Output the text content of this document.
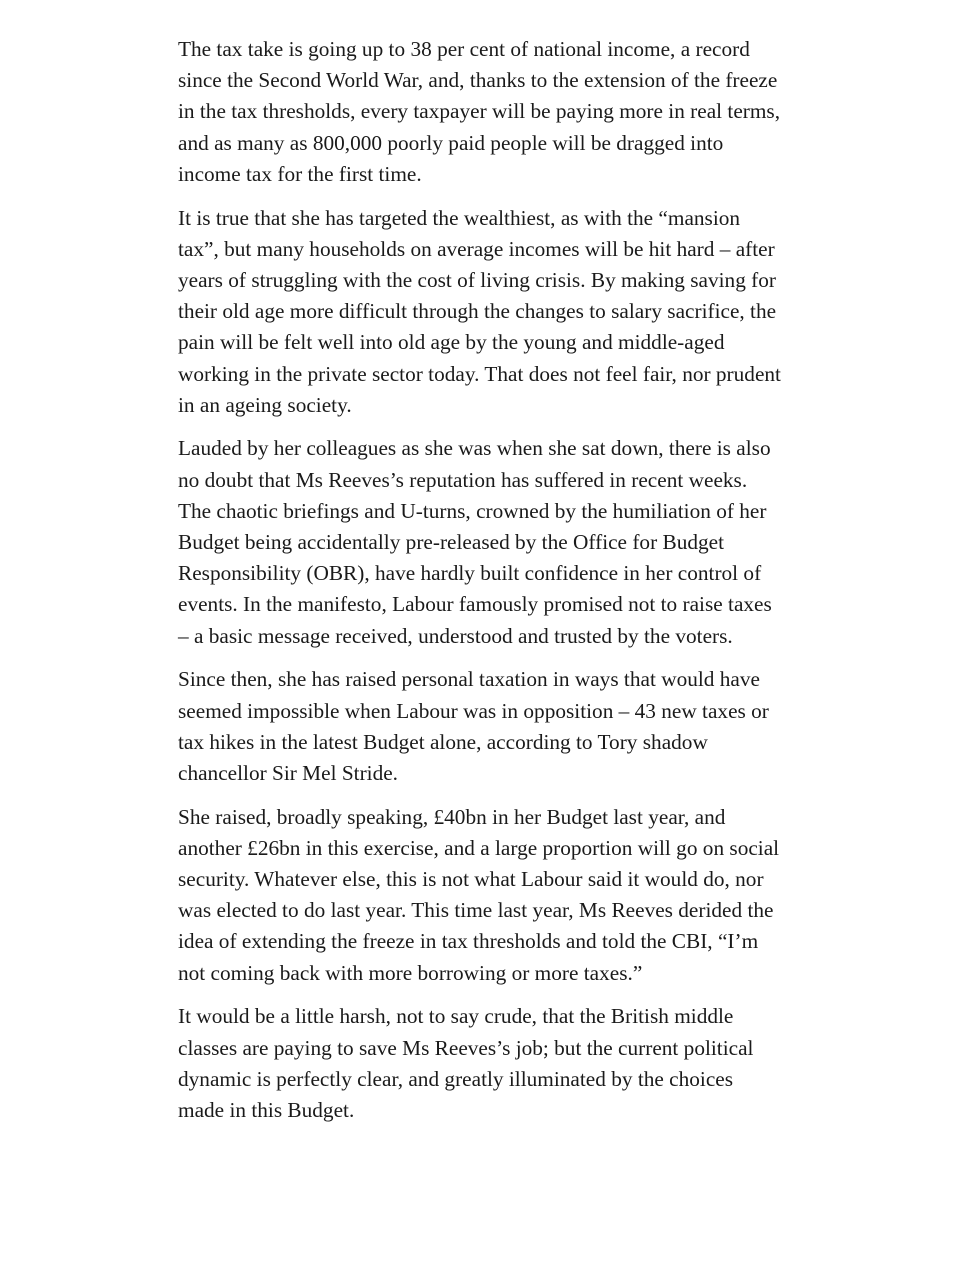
The tax take is going up to 38 per cent of national income, a record since the Second World War, and, thanks to the extension of the freeze in the tax thresholds, every taxpayer will be paying more in real terms, and as many as 800,000 poorly paid people will be dragged into income tax for the first time.

It is true that she has targeted the wealthiest, as with the “mansion tax”, but many households on average incomes will be hit hard – after years of struggling with the cost of living crisis. By making saving for their old age more difficult through the changes to salary sacrifice, the pain will be felt well into old age by the young and middle-aged working in the private sector today. That does not feel fair, nor prudent in an ageing society.

Lauded by her colleagues as she was when she sat down, there is also no doubt that Ms Reeves’s reputation has suffered in recent weeks. The chaotic briefings and U-turns, crowned by the humiliation of her Budget being accidentally pre-released by the Office for Budget Responsibility (OBR), have hardly built confidence in her control of events. In the manifesto, Labour famously promised not to raise taxes – a basic message received, understood and trusted by the voters.

Since then, she has raised personal taxation in ways that would have seemed impossible when Labour was in opposition – 43 new taxes or tax hikes in the latest Budget alone, according to Tory shadow chancellor Sir Mel Stride.

She raised, broadly speaking, £40bn in her Budget last year, and another £26bn in this exercise, and a large proportion will go on social security. Whatever else, this is not what Labour said it would do, nor was elected to do last year. This time last year, Ms Reeves derided the idea of extending the freeze in tax thresholds and told the CBI, “I’m not coming back with more borrowing or more taxes.”

It would be a little harsh, not to say crude, that the British middle classes are paying to save Ms Reeves’s job; but the current political dynamic is perfectly clear, and greatly illuminated by the choices made in this Budget.
